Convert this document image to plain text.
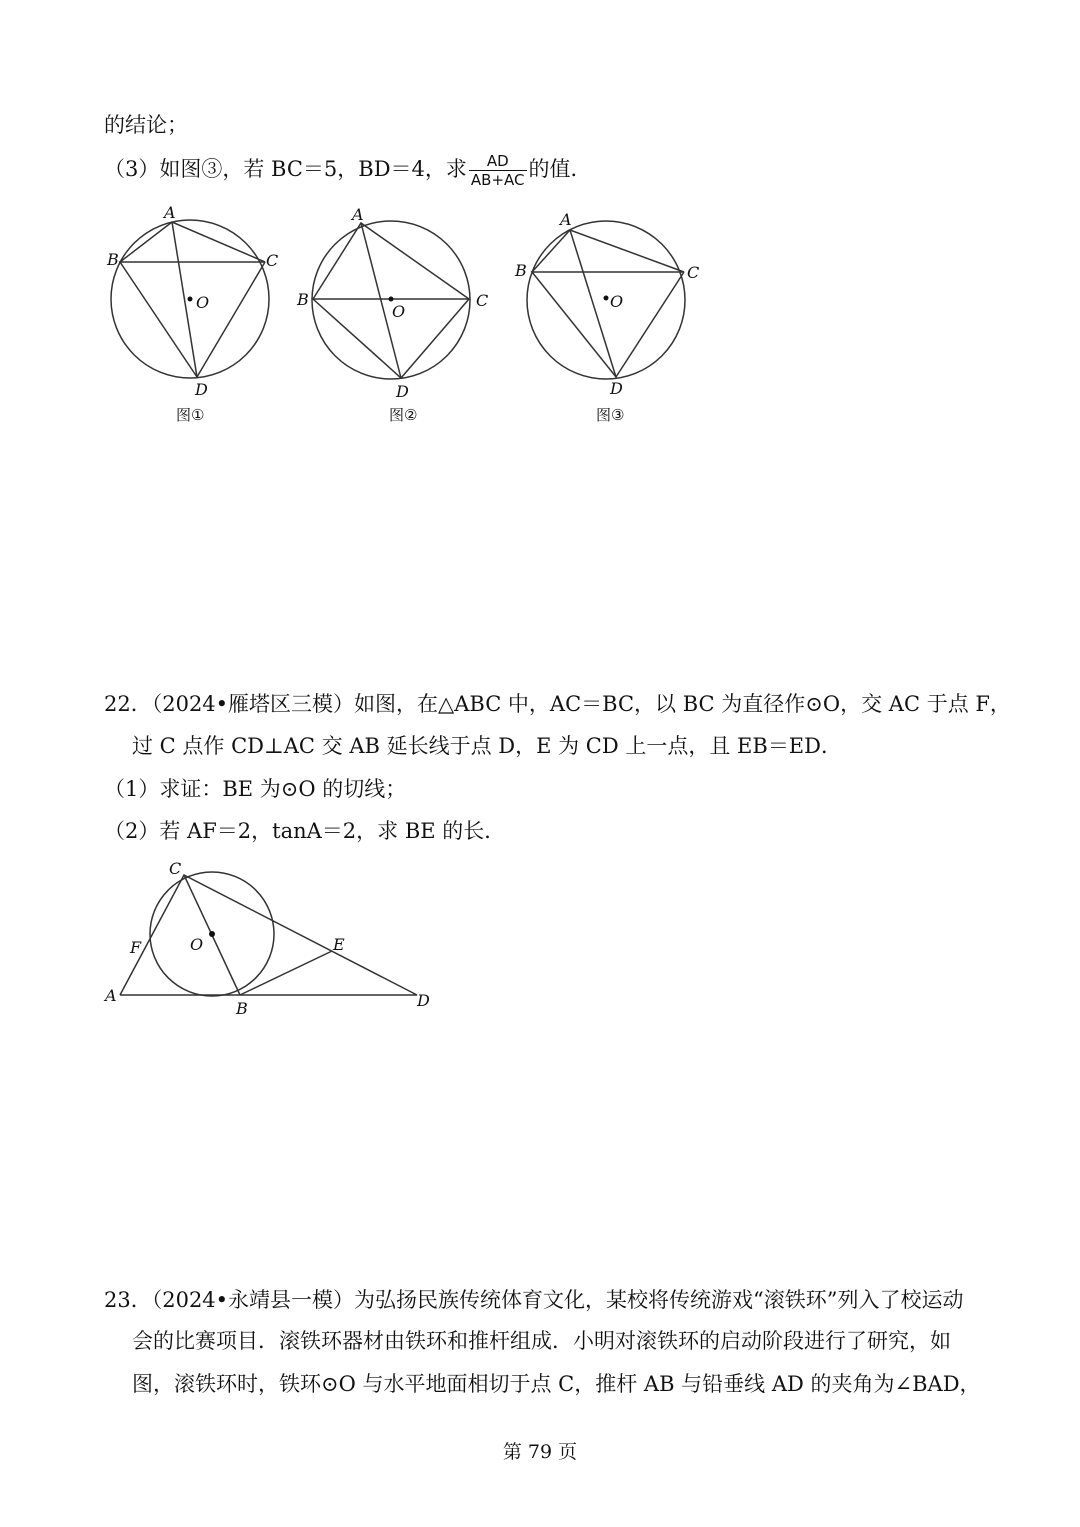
的结论；
（3）如图③，若 BC＝5，BD＝4，求 $\frac{AD}{AB+AC}$ 的值．
A
B	C
D
O
图①
A
B	C
D
O
图②
A
B	C
D
O
图③
22．（2024•雁塔区三模）如图，在△ABC 中，AC＝BC，以 BC 为直径作⊙O，交 AC 于点 F，
过 C 点作 CD⊥AC 交 AB 延长线于点 D，E 为 CD 上一点，且 EB＝ED．
（1）求证：BE 为⊙O 的切线；
（2）若 AF＝2，tanA＝2，求 BE 的长．
C
F	O	E
A
B	D
23．（2024•永靖县一模）为弘扬民族传统体育文化，某校将传统游戏“滚铁环”列入了校运动
会的比赛项目．滚铁环器材由铁环和推杆组成．小明对滚铁环的启动阶段进行了研究，如
图，滚铁环时，铁环⊙O 与水平地面相切于点 C，推杆 AB 与铅垂线 AD 的夹角为∠BAD，
第 79 页
